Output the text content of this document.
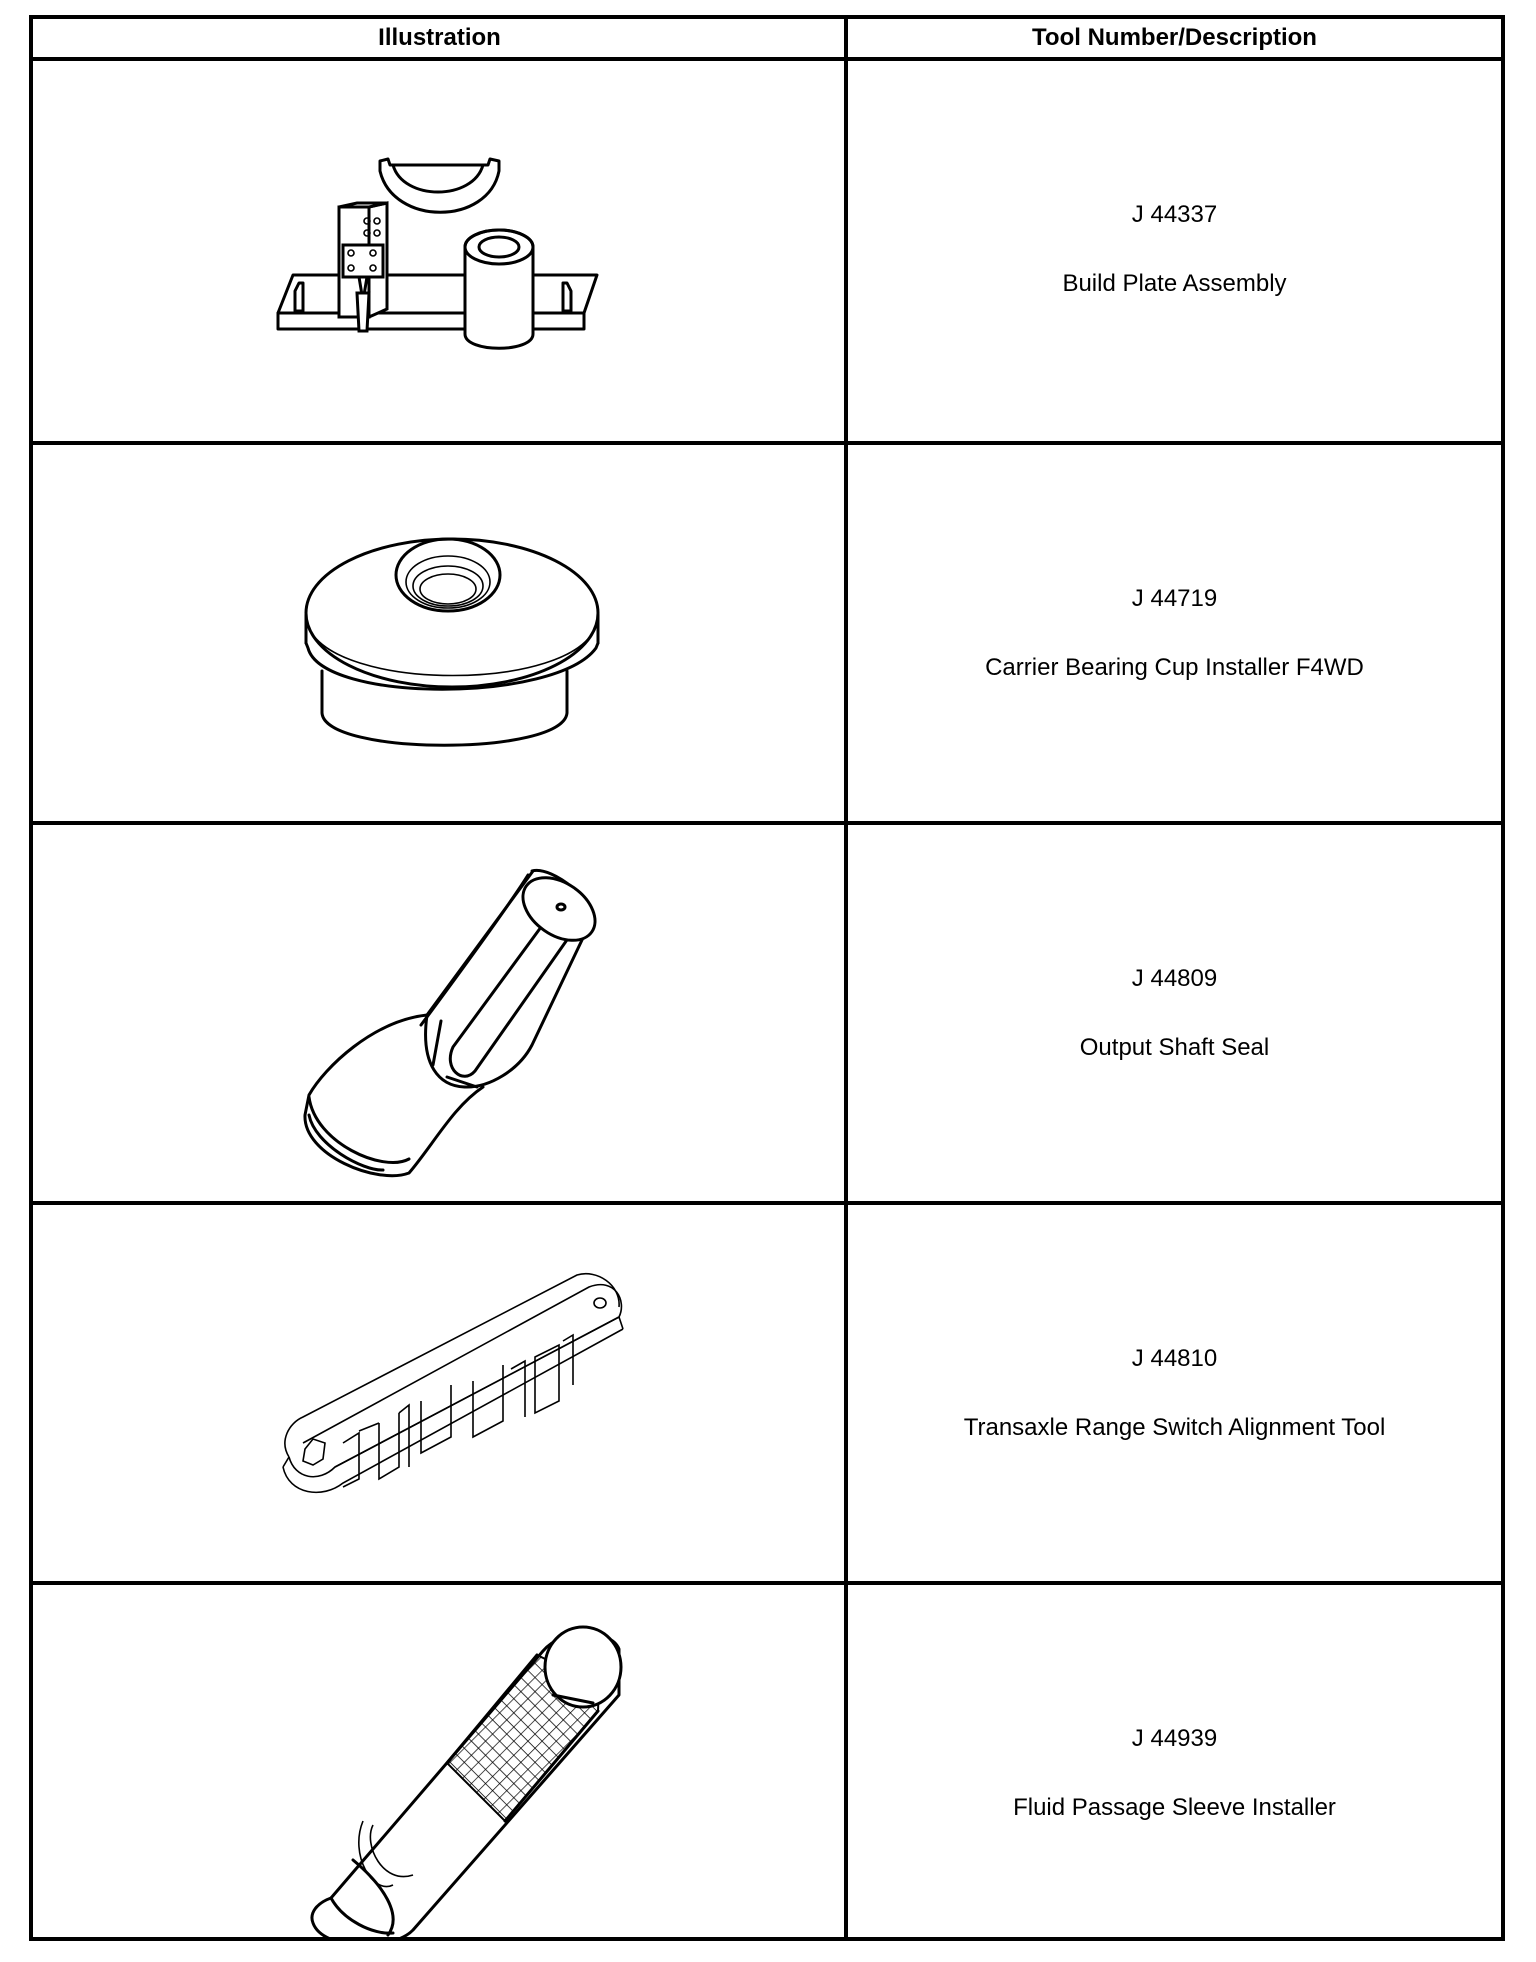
Illustration	Tool Number/Description
J 44337
Build Plate Assembly
J 44719
Carrier Bearing Cup Installer F4WD
J 44809
Output Shaft Seal
J 44810
Transaxle Range Switch Alignment Tool
J 44939
Fluid Passage Sleeve Installer
